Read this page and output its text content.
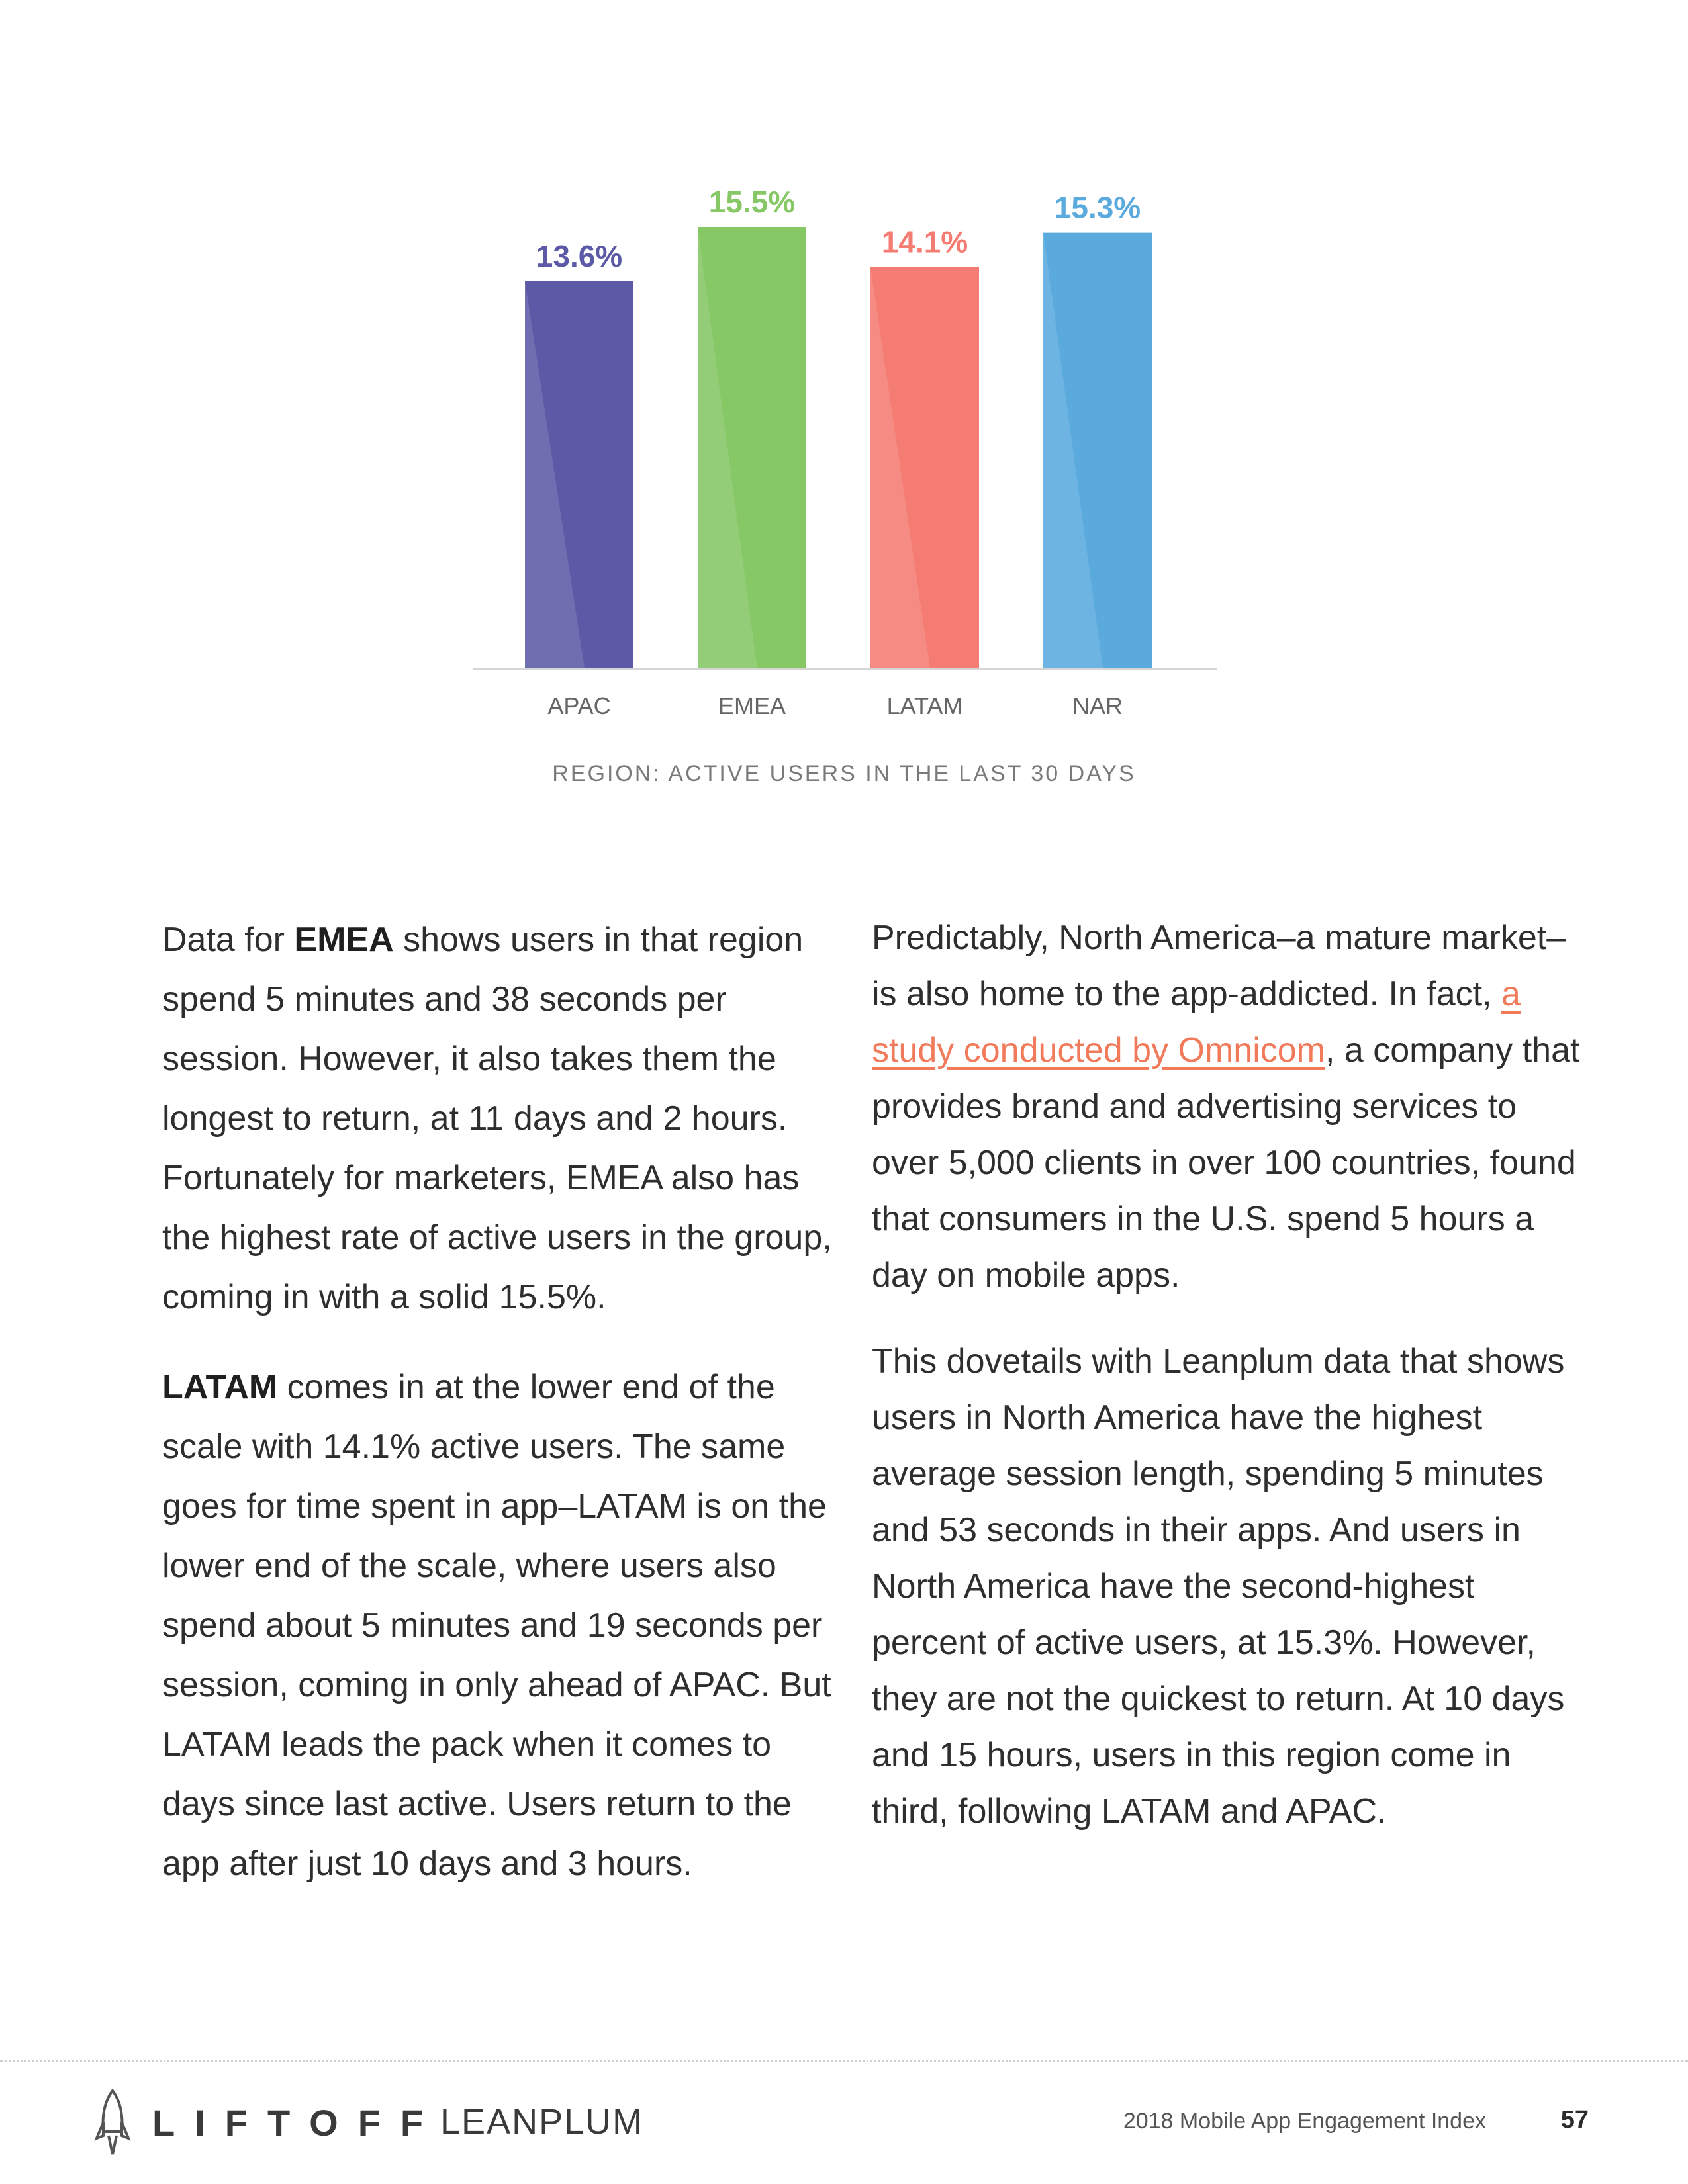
13.6%
APAC
15.5%
EMEA
14.1%
LATAM
15.3%
NAR
REGION: ACTIVE USERS IN THE LAST 30 DAYS

Data for EMEA shows users in that region spend 5 minutes and 38 seconds per session. However, it also takes them the longest to return, at 11 days and 2 hours. Fortunately for marketers, EMEA also has the highest rate of active users in the group, coming in with a solid 15.5%.

LATAM comes in at the lower end of the scale with 14.1% active users. The same goes for time spent in app–LATAM is on the lower end of the scale, where users also spend about 5 minutes and 19 seconds per session, coming in only ahead of APAC. But LATAM leads the pack when it comes to days since last active. Users return to the app after just 10 days and 3 hours.

Predictably, North America–a mature market–is also home to the app-addicted. In fact, a study conducted by Omnicom, a company that provides brand and advertising services to over 5,000 clients in over 100 countries, found that consumers in the U.S. spend 5 hours a day on mobile apps.

This dovetails with Leanplum data that shows users in North America have the highest average session length, spending 5 minutes and 53 seconds in their apps. And users in North America have the second-highest percent of active users, at 15.3%. However, they are not the quickest to return. At 10 days and 15 hours, users in this region come in third, following LATAM and APAC.

LIFTOFF
LEANPLUM	2018 Mobile App Engagement Index	57
